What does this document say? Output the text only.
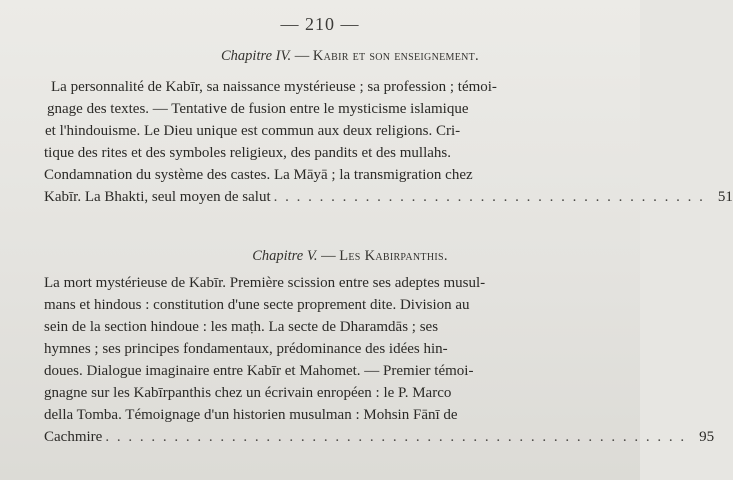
— 210 —
Chapitre IV. — Kabir et son enseignement.
La personnalité de Kabīr, sa naissance mystérieuse ; sa profession ; témoi-
gnage des textes. — Tentative de fusion entre le mysticisme islamique
et l'hindouisme. Le Dieu unique est commun aux deux religions. Cri-
tique des rites et des symboles religieux, des pandits et des mullahs.
Condamnation du système des castes. La Māyā ; la transmigration chez
Kabīr. La Bhakti, seul moyen de salut . . . . . . . . . . . . . . . . . . . . . . . . . . . . . . . . . . . . . . 51
Chapitre V. — Les Kabirpanthis.
La mort mystérieuse de Kabīr. Première scission entre ses adeptes musul-
mans et hindous : constitution d'une secte proprement dite. Division au
sein de la section hindoue : les maṭh. La secte de Dharamdās ; ses
hymnes ; ses principes fondamentaux, prédominance des idées hin-
doues. Dialogue imaginaire entre Kabīr et Mahomet. — Premier témoi-
gnagne sur les Kabīrpanthis chez un écrivain enropéen : le P. Marco
della Tomba. Témoignage d'un historien musulman : Mohsin Fānī de
Cachmire . . . . . . . . . . . . . . . . . . . . . . . . . . . . . . . . . . . . . . . . . . . . . . . . . . . 95
